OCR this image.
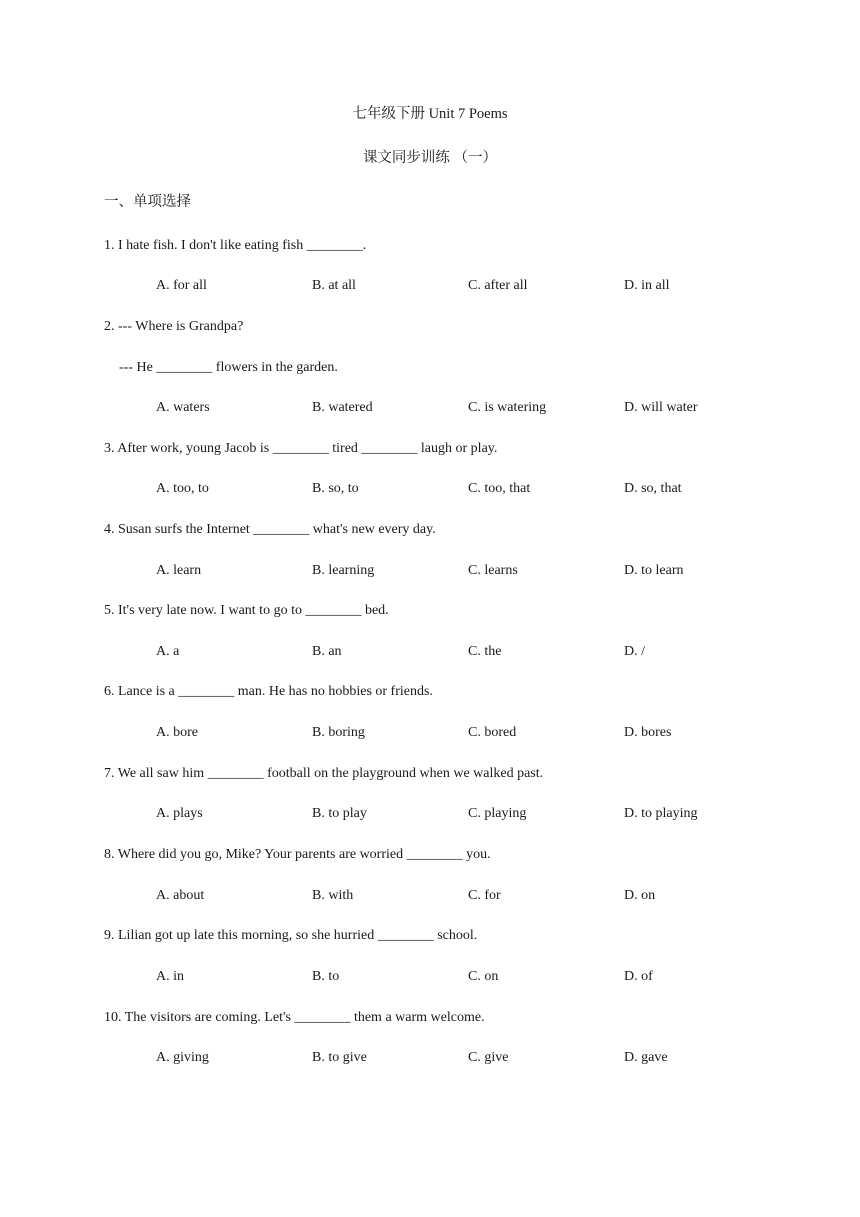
七年级下册 Unit 7 Poems
课文同步训练 （一）
一、单项选择
1. I hate fish. I don't like eating fish ________.
A. for all	B. at all	C. after all	D. in all
2. --- Where is Grandpa?
--- He ________ flowers in the garden.
A. waters	B. watered	C. is watering	D. will water
3. After work, young Jacob is ________ tired ________ laugh or play.
A. too, to	B. so, to	C. too, that	D. so, that
4. Susan surfs the Internet ________ what's new every day.
A. learn	B. learning	C. learns	D. to learn
5. It's very late now. I want to go to ________ bed.
A. a	B. an	C. the	D. /
6. Lance is a ________ man. He has no hobbies or friends.
A. bore	B. boring	C. bored	D. bores
7. We all saw him ________ football on the playground when we walked past.
A. plays	B. to play	C. playing	D. to playing
8. Where did you go, Mike? Your parents are worried ________ you.
A. about	B. with	C. for	D. on
9. Lilian got up late this morning, so she hurried ________ school.
A. in	B. to	C. on	D. of
10. The visitors are coming. Let's ________ them a warm welcome.
A. giving	B. to give	C. give	D. gave
